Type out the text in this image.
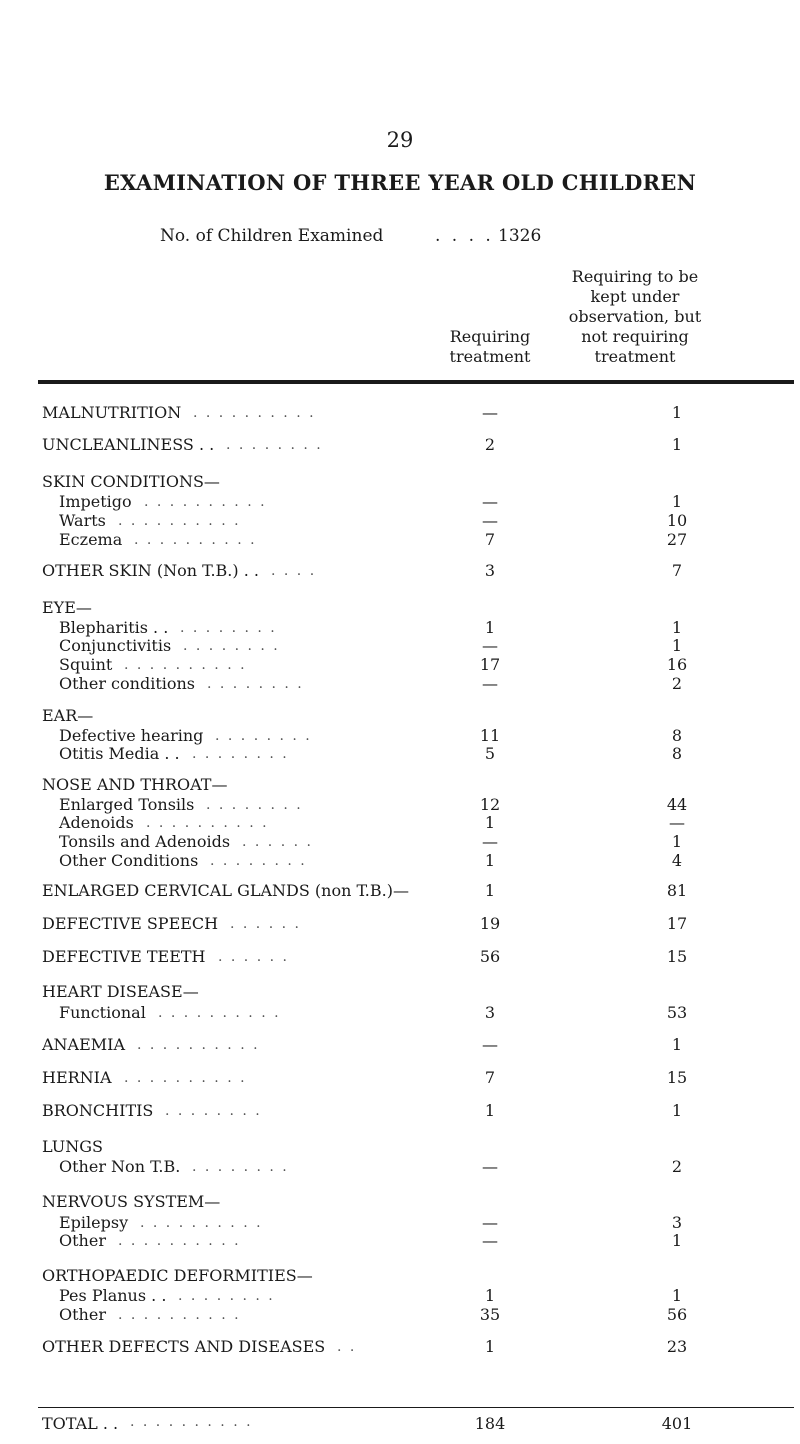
29
EXAMINATION OF THREE YEAR OLD CHILDREN
No. of Children Examined	. . . . 1326
Requiring
treatment
Requiring to be
kept under
observation, but
not requiring
treatment
MALNUTRITION . . . . . . . . . .	—	1
UNCLEANLINESS . . . . . . . . . .	2	1
SKIN CONDITIONS—
Impetigo . . . . . . . . . .	—	1
Warts . . . . . . . . . .	—	10
Eczema . . . . . . . . . .	7	27
OTHER SKIN (Non T.B.) . . . . . .	3	7
EYE—
Blepharitis . . . . . . . . . .	1	1
Conjunctivitis . . . . . . . .	—	1
Squint . . . . . . . . . .	17	16
Other conditions . . . . . . . .	—	2
EAR—
Defective hearing . . . . . . . .	11	8
Otitis Media . . . . . . . . . .	5	8
NOSE AND THROAT—
Enlarged Tonsils . . . . . . . .	12	44
Adenoids . . . . . . . . . .	1	—
Tonsils and Adenoids . . . . . .	—	1
Other Conditions . . . . . . . .	1	4
ENLARGED CERVICAL GLANDS (non T.B.)—	1	81
DEFECTIVE SPEECH . . . . . .	19	17
DEFECTIVE TEETH . . . . . .	56	15
HEART DISEASE—
Functional . . . . . . . . . .	3	53
ANAEMIA . . . . . . . . . .	—	1
HERNIA . . . . . . . . . .	7	15
BRONCHITIS . . . . . . . .	1	1
LUNGS
Other Non T.B. . . . . . . . .	—	2
NERVOUS SYSTEM—
Epilepsy . . . . . . . . . .	—	3
Other . . . . . . . . . .	—	1
ORTHOPAEDIC DEFORMITIES—
Pes Planus . . . . . . . . . .	1	1
Other . . . . . . . . . .	35	56
OTHER DEFECTS AND DISEASES . .	1	23
TOTAL . . . . . . . . . . . .	184	401
